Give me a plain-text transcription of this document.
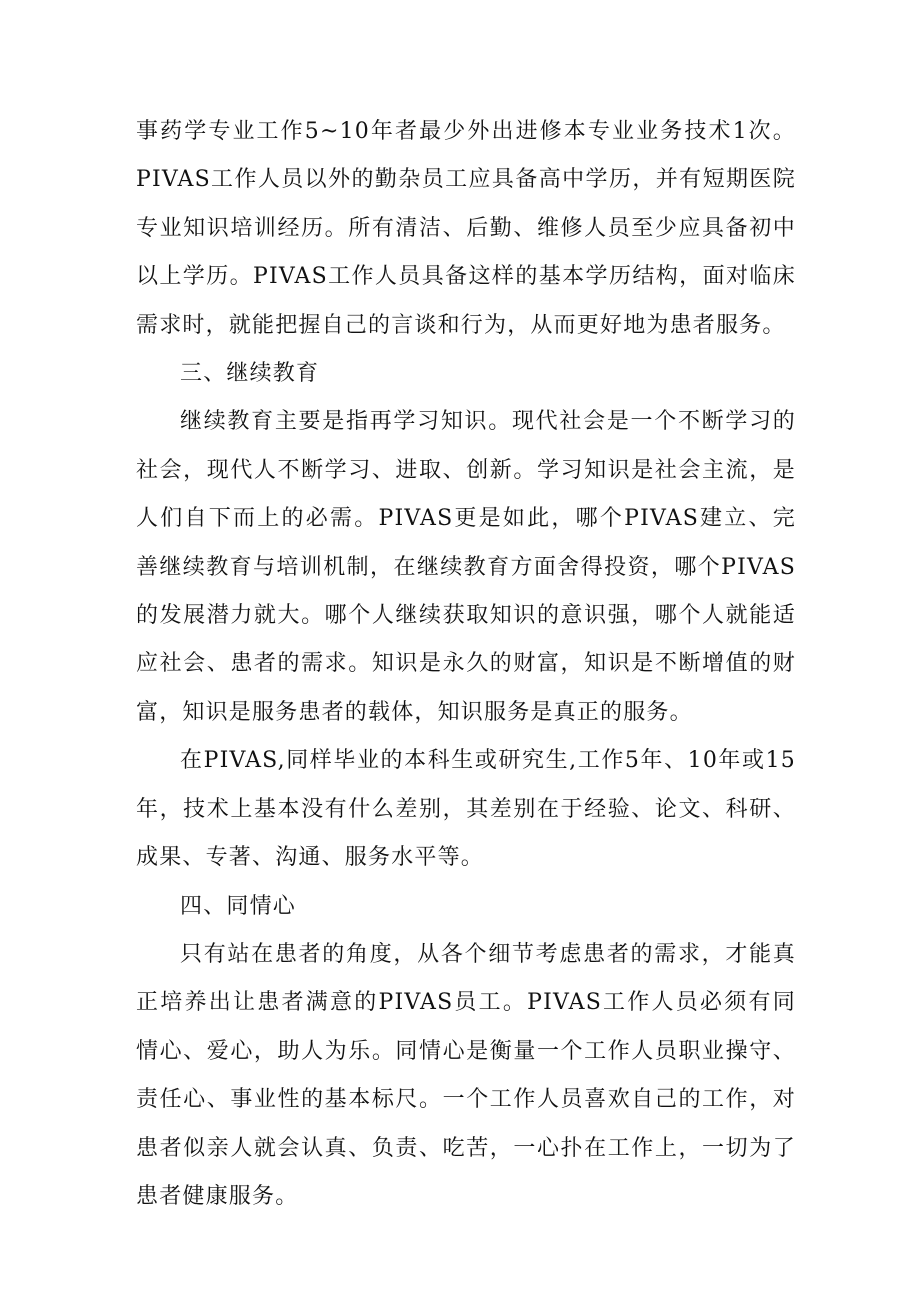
事药学专业工作5~10年者最少外出进修本专业业务技术1次。PIVAS工作人员以外的勤杂员工应具备高中学历，并有短期医院专业知识培训经历。所有清洁、后勤、维修人员至少应具备初中以上学历。PIVAS工作人员具备这样的基本学历结构，面对临床需求时，就能把握自己的言谈和行为，从而更好地为患者服务。

三、继续教育

继续教育主要是指再学习知识。现代社会是一个不断学习的社会，现代人不断学习、进取、创新。学习知识是社会主流，是人们自下而上的必需。PIVAS更是如此，哪个PIVAS建立、完善继续教育与培训机制，在继续教育方面舍得投资，哪个PIVAS的发展潜力就大。哪个人继续获取知识的意识强，哪个人就能适应社会、患者的需求。知识是永久的财富，知识是不断增值的财富，知识是服务患者的载体，知识服务是真正的服务。

在PIVAS,同样毕业的本科生或研究生,工作5年、10年或15年，技术上基本没有什么差别，其差别在于经验、论文、科研、成果、专著、沟通、服务水平等。

四、同情心

只有站在患者的角度，从各个细节考虑患者的需求，才能真正培养出让患者满意的PIVAS员工。PIVAS工作人员必须有同情心、爱心，助人为乐。同情心是衡量一个工作人员职业操守、责任心、事业性的基本标尺。一个工作人员喜欢自己的工作，对患者似亲人就会认真、负责、吃苦，一心扑在工作上，一切为了患者健康服务。
